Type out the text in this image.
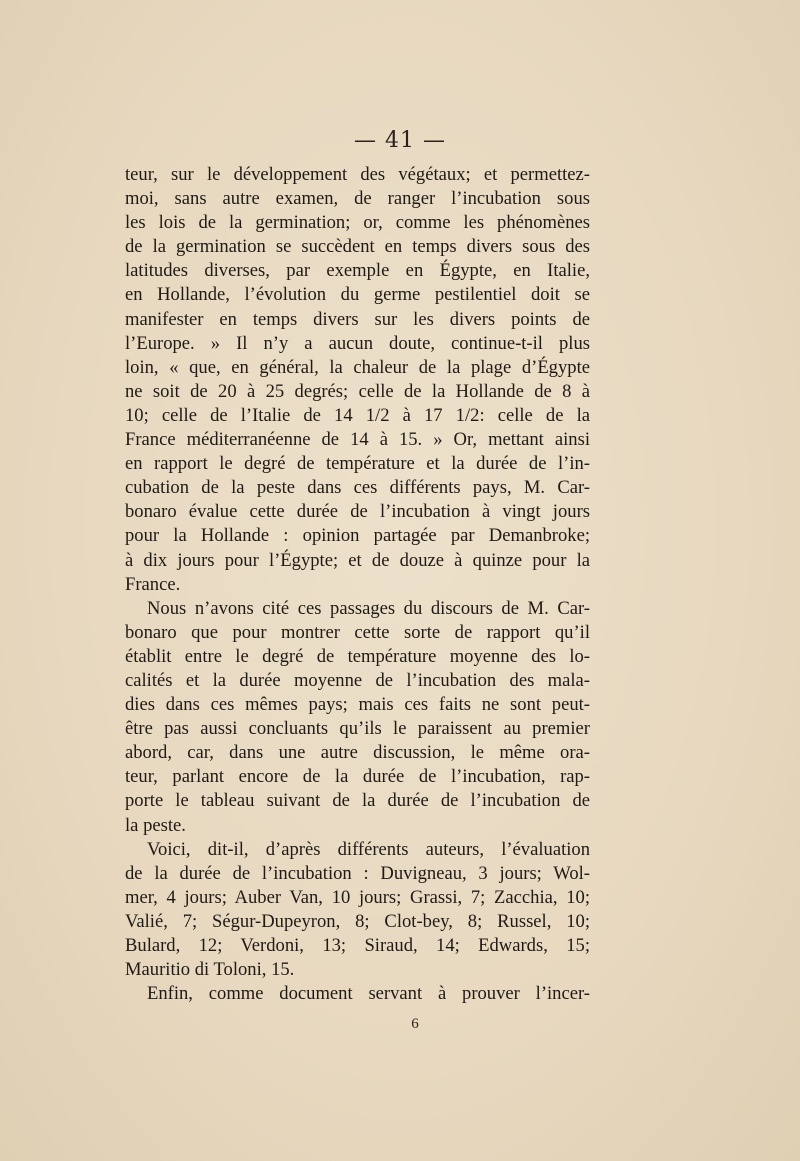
— 41 —
teur, sur le développement des végétaux; et permettez-
moi, sans autre examen, de ranger l’incubation sous
les lois de la germination; or, comme les phénomènes
de la germination se succèdent en temps divers sous des
latitudes diverses, par exemple en Égypte, en Italie,
en Hollande, l’évolution du germe pestilentiel doit se
manifester en temps divers sur les divers points de
l’Europe. » Il n’y a aucun doute, continue-t-il plus
loin, « que, en général, la chaleur de la plage d’Égypte
ne soit de 20 à 25 degrés; celle de la Hollande de 8 à
10; celle de l’Italie de 14 1/2 à 17 1/2: celle de la
France méditerranéenne de 14 à 15. » Or, mettant ainsi
en rapport le degré de température et la durée de l’in-
cubation de la peste dans ces différents pays, M. Car-
bonaro évalue cette durée de l’incubation à vingt jours
pour la Hollande : opinion partagée par Demanbroke;
à dix jours pour l’Égypte; et de douze à quinze pour la
France.
Nous n’avons cité ces passages du discours de M. Car-
bonaro que pour montrer cette sorte de rapport qu’il
établit entre le degré de température moyenne des lo-
calités et la durée moyenne de l’incubation des mala-
dies dans ces mêmes pays; mais ces faits ne sont peut-
être pas aussi concluants qu’ils le paraissent au premier
abord, car, dans une autre discussion, le même ora-
teur, parlant encore de la durée de l’incubation, rap-
porte le tableau suivant de la durée de l’incubation de
la peste.
Voici, dit-il, d’après différents auteurs, l’évaluation
de la durée de l’incubation : Duvigneau, 3 jours; Wol-
mer, 4 jours; Auber Van, 10 jours; Grassi, 7; Zacchia, 10;
Valié, 7; Ségur-Dupeyron, 8; Clot-bey, 8; Russel, 10;
Bulard, 12; Verdoni, 13; Siraud, 14; Edwards, 15;
Mauritio di Toloni, 15.
Enfin, comme document servant à prouver l’incer-
6
